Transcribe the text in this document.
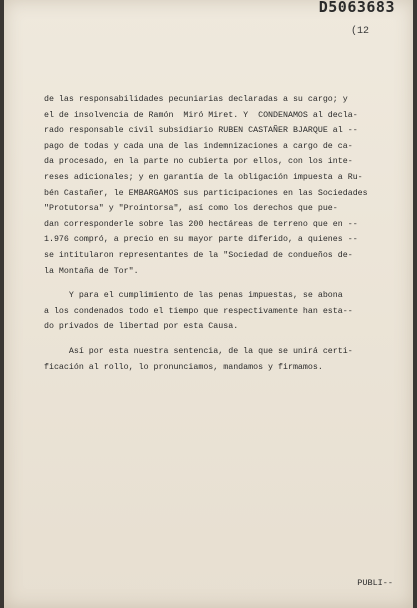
D5063683
(12
de las responsabilidades pecuniarias declaradas a su cargo; y
el de insolvencia de Ramón  Miró Miret. Y  CONDENAMOS al decla-
rado responsable civil subsidiario RUBEN CASTAÑER BJARQUE al --
pago de todas y cada una de las indemnizaciones a cargo de ca-
da procesado, en la parte no cubierta por ellos, con los inte-
reses adicionales; y en garantía de la obligación impuesta a Ru-
bén Castañer, le EMBARGAMOS sus participaciones en las Sociedades
"Protutorsa" y "Prointorsa", así como los derechos que pue-
dan corresponderle sobre las 200 hectáreas de terreno que en --
1.976 compró, a precio en su mayor parte diferido, a quienes --
se intitularon representantes de la "Sociedad de condueños de-
la Montaña de Tor".
Y para el cumplimiento de las penas impuestas, se abona
a los condenados todo el tiempo que respectivamente han esta--
do privados de libertad por esta Causa.
Así por esta nuestra sentencia, de la que se unirá certi-
ficación al rollo, lo pronunciamos, mandamos y firmamos.
PUBLI--
